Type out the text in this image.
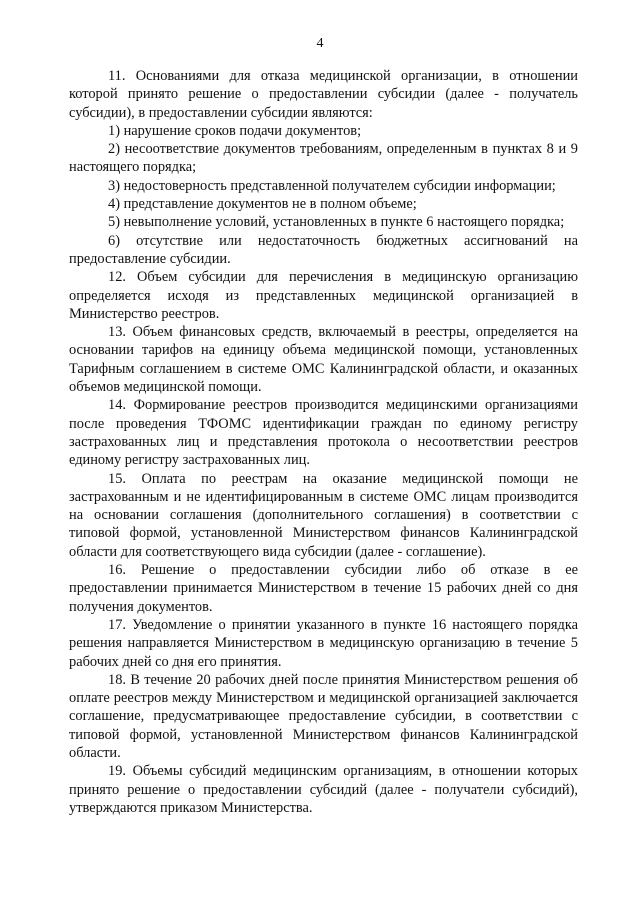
4

11. Основаниями для отказа медицинской организации, в отношении которой принято решение о предоставлении субсидии (далее - получатель субсидии), в предоставлении субсидии являются:

1) нарушение сроков подачи документов;

2) несоответствие документов требованиям, определенным в пунктах 8 и 9 настоящего порядка;

3) недостоверность представленной получателем субсидии информации;

4) представление документов не в полном объеме;

5) невыполнение условий, установленных в пункте 6 настоящего порядка;

6) отсутствие или недостаточность бюджетных ассигнований на предоставление субсидии.

12. Объем субсидии для перечисления в медицинскую организацию определяется исходя из представленных медицинской организацией в Министерство реестров.

13. Объем финансовых средств, включаемый в реестры, определяется на основании тарифов на единицу объема медицинской помощи, установленных Тарифным соглашением в системе ОМС Калининградской области, и оказанных объемов медицинской помощи.

14. Формирование реестров производится медицинскими организациями после проведения ТФОМС идентификации граждан по единому регистру застрахованных лиц и представления протокола о несоответствии реестров единому регистру застрахованных лиц.

15. Оплата по реестрам на оказание медицинской помощи не застрахованным и не идентифицированным в системе ОМС лицам производится на основании соглашения (дополнительного соглашения) в соответствии с типовой формой, установленной Министерством финансов Калининградской области для соответствующего вида субсидии (далее - соглашение).

16. Решение о предоставлении субсидии либо об отказе в ее предоставлении принимается Министерством в течение 15 рабочих дней со дня получения документов.

17. Уведомление о принятии указанного в пункте 16 настоящего порядка решения направляется Министерством в медицинскую организацию в течение 5 рабочих дней со дня его принятия.

18. В течение 20 рабочих дней после принятия Министерством решения об оплате реестров между Министерством и медицинской организацией заключается соглашение, предусматривающее предоставление субсидии, в соответствии с типовой формой, установленной Министерством финансов Калининградской области.

19. Объемы субсидий медицинским организациям, в отношении которых принято решение о предоставлении субсидий (далее - получатели субсидий), утверждаются приказом Министерства.
